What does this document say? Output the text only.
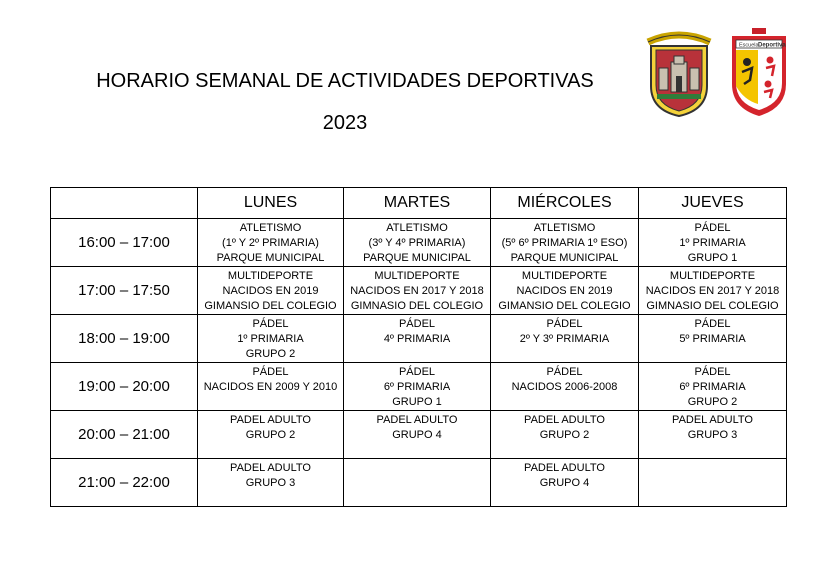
HORARIO SEMANAL DE ACTIVIDADES DEPORTIVAS
2023
Escuela Deportiva
	LUNES	MARTES	MIÉRCOLES	JUEVES
16:00 – 17:00	ATLETISMO
(1º Y 2º PRIMARIA)
PARQUE MUNICIPAL	ATLETISMO
(3º Y 4º PRIMARIA)
PARQUE MUNICIPAL	ATLETISMO
(5º 6º PRIMARIA 1º ESO)
PARQUE MUNICIPAL	PÁDEL
1º PRIMARIA
GRUPO 1

17:00 – 17:50	MULTIDEPORTE
NACIDOS EN 2019
GIMANSIO DEL COLEGIO	MULTIDEPORTE
NACIDOS EN 2017 Y 2018
GIMNASIO DEL COLEGIO	MULTIDEPORTE
NACIDOS EN 2019
GIMANSIO DEL COLEGIO	MULTIDEPORTE
NACIDOS EN 2017 Y 2018
GIMNASIO DEL COLEGIO

18:00 – 19:00	PÁDEL
1º PRIMARIA
GRUPO 2	PÁDEL
4º PRIMARIA	PÁDEL
2º Y 3º PRIMARIA	PÁDEL
5º PRIMARIA

19:00 – 20:00	PÁDEL
NACIDOS EN 2009 Y 2010	PÁDEL
6º PRIMARIA
GRUPO 1	PÁDEL
NACIDOS 2006-2008	PÁDEL
6º PRIMARIA
GRUPO 2

20:00 – 21:00	PADEL ADULTO
GRUPO 2	PADEL ADULTO
GRUPO 4	PADEL ADULTO
GRUPO 2	PADEL ADULTO
GRUPO 3

21:00 – 22:00	PADEL ADULTO
GRUPO 3		PADEL ADULTO
GRUPO 4	
